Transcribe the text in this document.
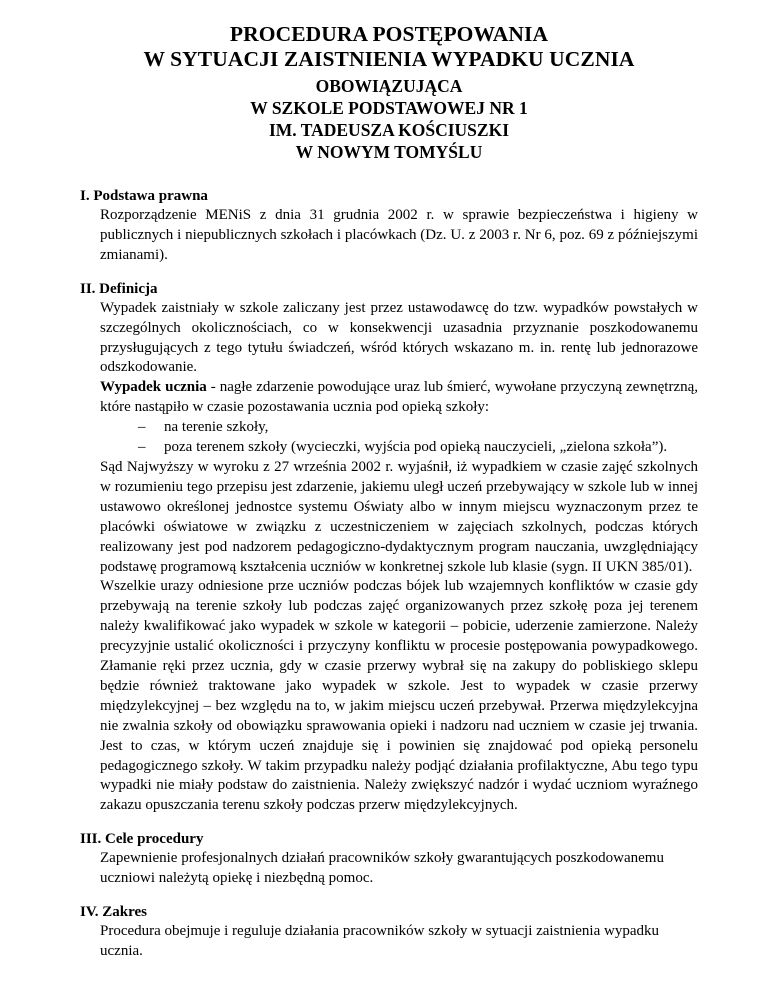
PROCEDURA POSTĘPOWANIA
W SYTUACJI ZAISTNIENIA WYPADKU UCZNIA
OBOWIĄZUJĄCA
W SZKOLE PODSTAWOWEJ NR 1
IM. TADEUSZA KOŚCIUSZKI
W NOWYM TOMYŚLU
I. Podstawa prawna
Rozporządzenie MENiS z dnia 31 grudnia 2002 r. w sprawie bezpieczeństwa i higieny w publicznych i niepublicznych szkołach i placówkach (Dz. U. z 2003 r. Nr 6, poz. 69 z późniejszymi zmianami).
II. Definicja

Wypadek zaistniały w szkole zaliczany jest przez ustawodawcę do tzw. wypadków powstałych w szczególnych okolicznościach, co w konsekwencji uzasadnia przyznanie poszkodowanemu przysługujących z tego tytułu świadczeń, wśród których wskazano m. in. rentę lub jednorazowe odszkodowanie.

Wypadek ucznia - nagłe zdarzenie powodujące uraz lub śmierć, wywołane przyczyną zewnętrzną, które nastąpiło w czasie pozostawania ucznia pod opieką szkoły:

– na terenie szkoły,
– poza terenem szkoły (wycieczki, wyjścia pod opieką nauczycieli, „zielona szkoła”).

Sąd Najwyższy w wyroku z 27 września 2002 r. wyjaśnił, iż wypadkiem w czasie zajęć szkolnych w rozumieniu tego przepisu jest zdarzenie, jakiemu uległ uczeń przebywający w szkole lub w innej ustawowo określonej jednostce systemu Oświaty albo w innym miejscu wyznaczonym przez te placówki oświatowe w związku z uczestniczeniem w zajęciach szkolnych, podczas których realizowany jest pod nadzorem pedagogiczno-dydaktycznym program nauczania, uwzględniający podstawę programową kształcenia uczniów w konkretnej szkole lub klasie (sygn. II UKN 385/01).

Wszelkie urazy odniesione prze uczniów podczas bójek lub wzajemnych konfliktów w czasie gdy przebywają na terenie szkoły lub podczas zajęć organizowanych przez szkołę poza jej terenem należy kwalifikować jako wypadek w szkole w kategorii – pobicie, uderzenie zamierzone. Należy precyzyjnie ustalić okoliczności i przyczyny konfliktu w procesie postępowania powypadkowego. Złamanie ręki przez ucznia, gdy w czasie przerwy wybrał się na zakupy do pobliskiego sklepu będzie również traktowane jako wypadek w szkole. Jest to wypadek w czasie przerwy międzylekcyjnej – bez względu na to, w jakim miejscu uczeń przebywał. Przerwa międzylekcyjna nie zwalnia szkoły od obowiązku sprawowania opieki i nadzoru nad uczniem w czasie jej trwania. Jest to czas, w którym uczeń znajduje się i powinien się znajdować pod opieką personelu pedagogicznego szkoły. W takim przypadku należy podjąć działania profilaktyczne, Abu tego typu wypadki nie miały podstaw do zaistnienia. Należy zwiększyć nadzór i wydać uczniom wyraźnego zakazu opuszczania terenu szkoły podczas przerw międzylekcyjnych.

III. Cele procedury
Zapewnienie profesjonalnych działań pracowników szkoły gwarantujących poszkodowanemu uczniowi należytą opiekę i niezbędną pomoc.
IV. Zakres
Procedura obejmuje i reguluje działania pracowników szkoły w sytuacji zaistnienia wypadku ucznia.
